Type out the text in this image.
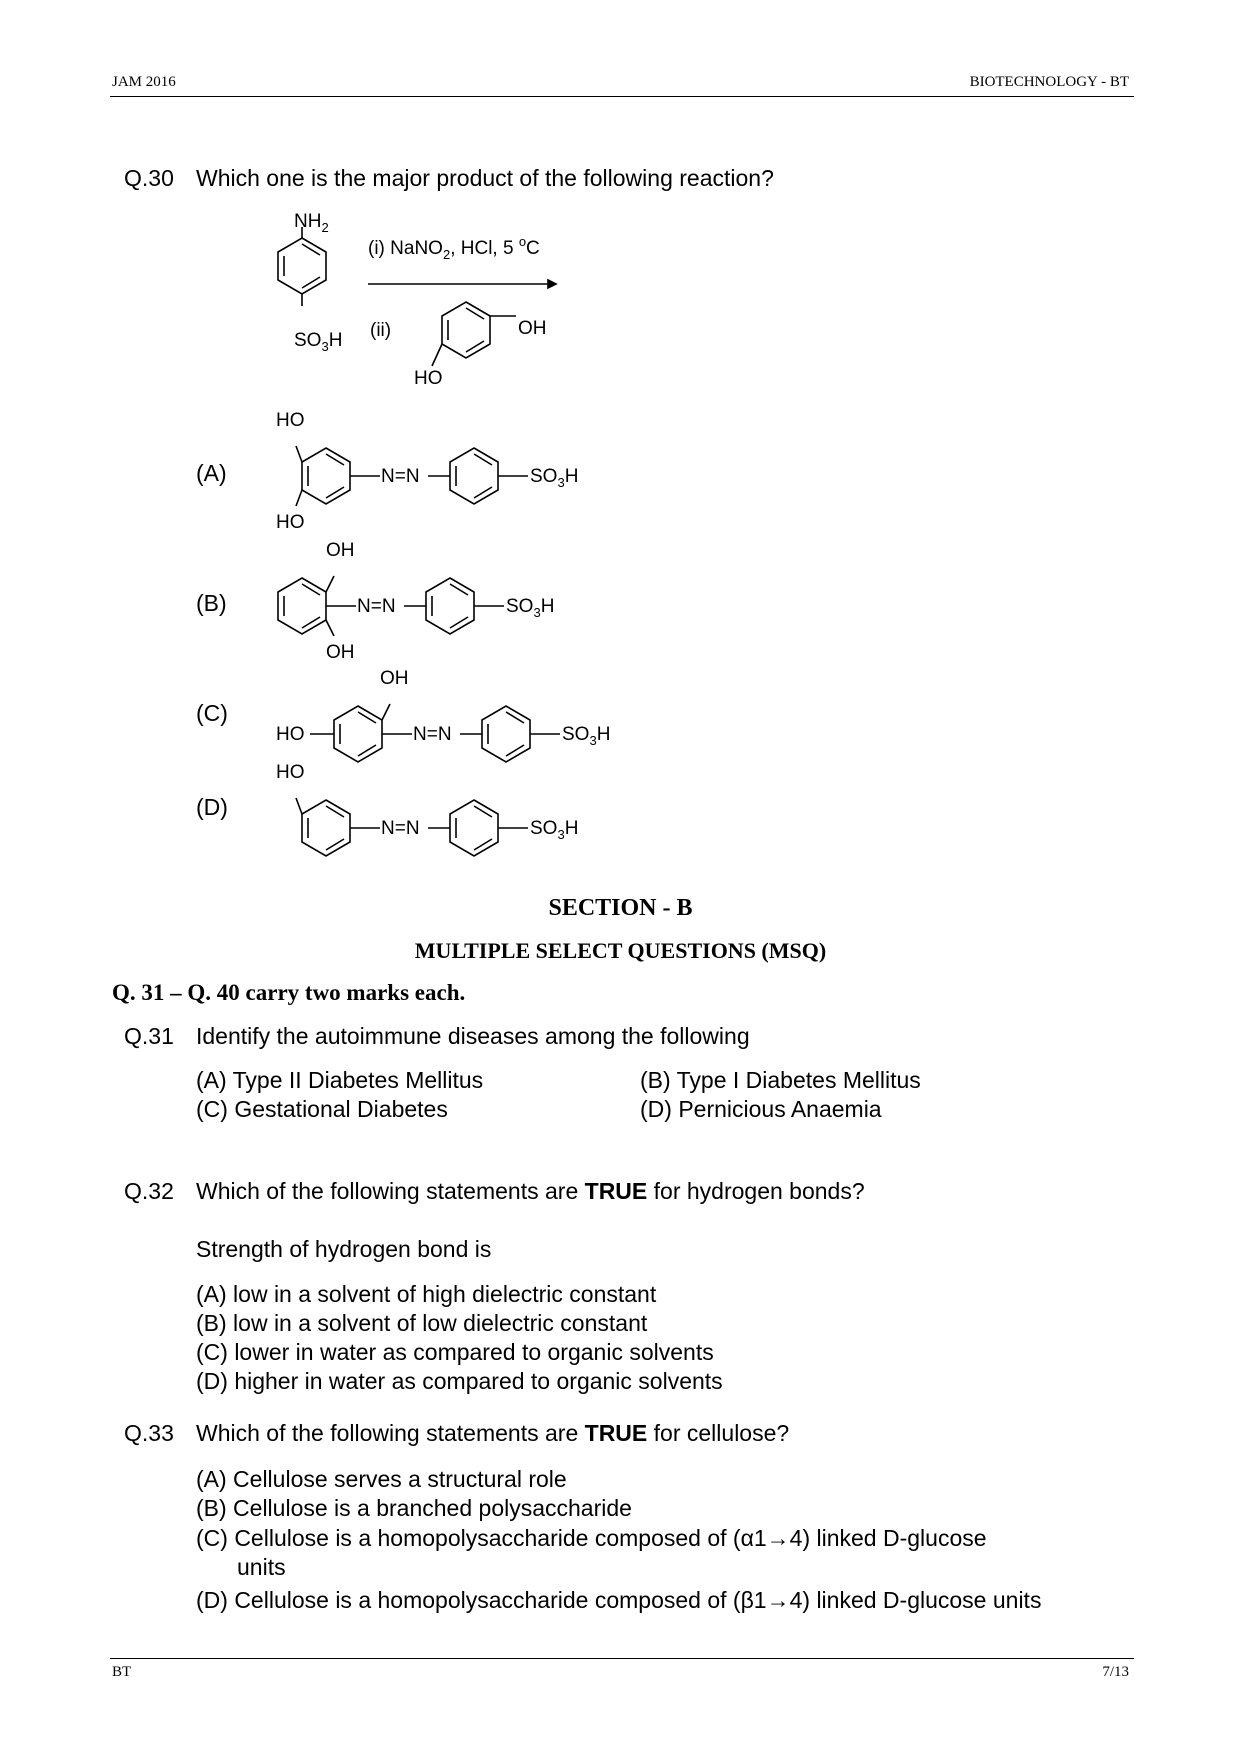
JAM 2016	BIOTECHNOLOGY - BT
Q.30 Which one is the major product of the following reaction?
$NH_2$
$SO_3H$
(i) NaNO$_2$, HCl, 5 $^o$C
(ii)	OH
HO
HO
HO
N=N	$SO_3H$
OH
OH
N=N	$SO_3H$
OH
HO	N=N	$SO_3H$
HO
N=N	$SO_3H$
(A)
(B)
(C)
(D)
SECTION - B
MULTIPLE SELECT QUESTIONS (MSQ)
Q. 31 – Q. 40 carry two marks each.
Q.31 Identify the autoimmune diseases among the following
(A) Type II Diabetes Mellitus	(B) Type I Diabetes Mellitus
(C) Gestational Diabetes	(D) Pernicious Anaemia
Q.32 Which of the following statements are TRUE for hydrogen bonds?
Strength of hydrogen bond is
(A) low in a solvent of high dielectric constant
(B) low in a solvent of low dielectric constant
(C) lower in water as compared to organic solvents
(D) higher in water as compared to organic solvents
Q.33 Which of the following statements are TRUE for cellulose?
(A) Cellulose serves a structural role
(B) Cellulose is a branched polysaccharide
(C) Cellulose is a homopolysaccharide composed of (α1→4) linked D-glucose
units
(D) Cellulose is a homopolysaccharide composed of (β1→4) linked D-glucose units
BT	7/13
